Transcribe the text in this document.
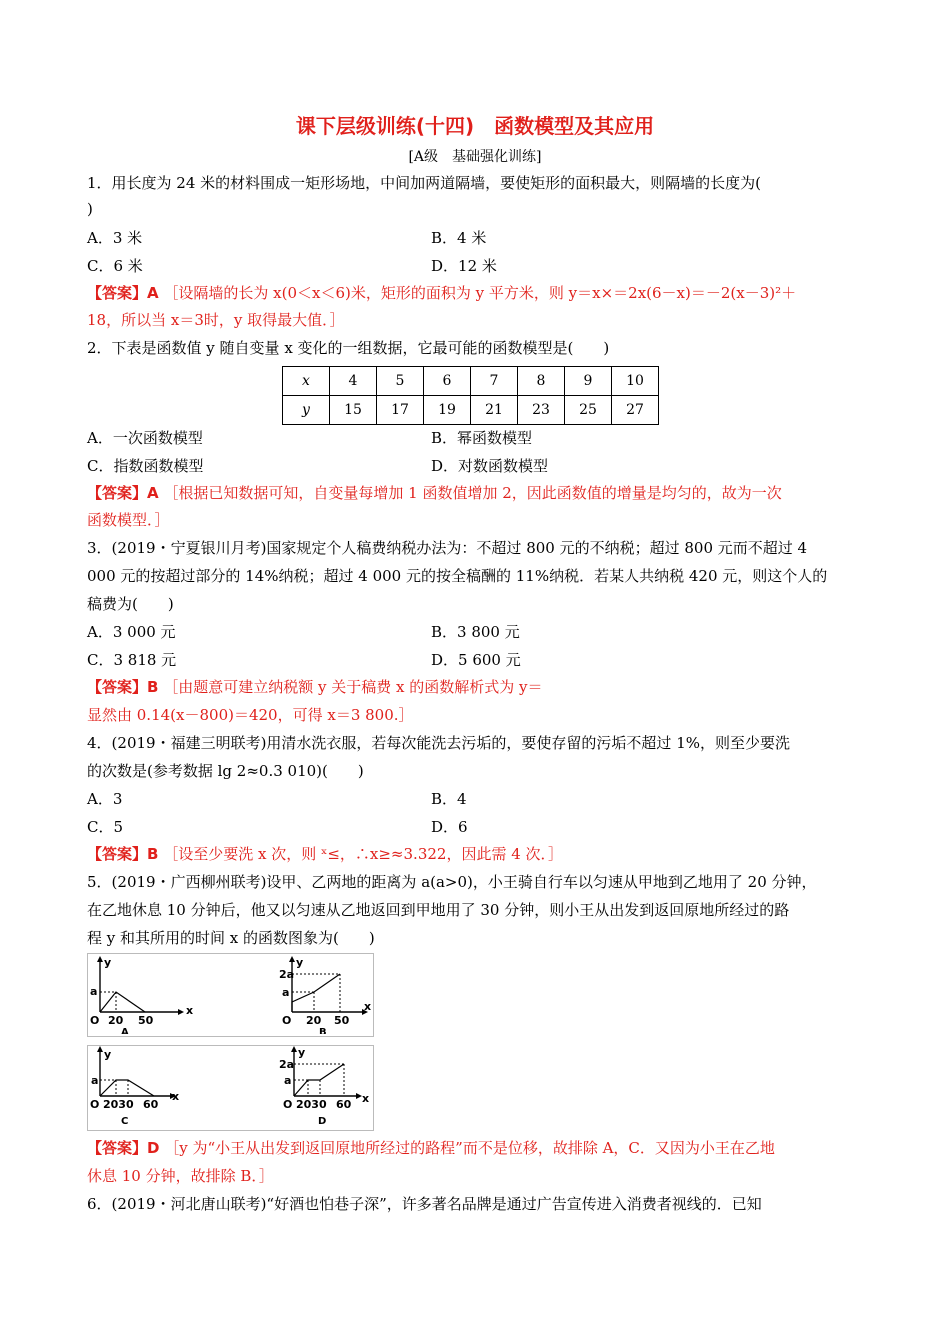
课下层级训练(十四)　函数模型及其应用
[A级　基础强化训练]
1．用长度为 24 米的材料围成一矩形场地，中间加两道隔墙，要使矩形的面积最大，则隔墙的长度为(
)
A．3 米	B．4 米
C．6 米	D．12 米
【答案】A ［设隔墙的长为 x(0＜x＜6)米，矩形的面积为 y 平方米，则 y＝x×＝2x(6－x)＝－2(x－3)²＋
18，所以当 x＝3时，y 取得最大值．］
2．下表是函数值 y 随自变量 x 变化的一组数据，它最可能的函数模型是(　　)
x	4	5	6	7	8	9	10
y	15	17	19	21	23	25	27
A．一次函数模型	B．幂函数模型
C．指数函数模型	D．对数函数模型
【答案】A ［根据已知数据可知，自变量每增加 1 函数值增加 2，因此函数值的增量是均匀的，故为一次
函数模型．］
3．(2019・宁夏银川月考)国家规定个人稿费纳税办法为：不超过 800 元的不纳税；超过 800 元而不超过 4
000 元的按超过部分的 14%纳税；超过 4 000 元的按全稿酬的 11%纳税．若某人共纳税 420 元，则这个人的
稿费为(　　)
A．3 000 元	B．3 800 元
C．3 818 元	D．5 600 元
【答案】B ［由题意可建立纳税额 y 关于稿费 x 的函数解析式为 y＝
显然由 0.14(x－800)＝420，可得 x＝3 800.］
4．(2019・福建三明联考)用清水洗衣服，若每次能洗去污垢的，要使存留的污垢不超过 1%，则至少要洗
的次数是(参考数据 lg 2≈0.3 010)(　　)
A．3	B．4
C．5	D．6
【答案】B ［设至少要洗 x 次，则 ˣ≤，∴x≥≈3.322，因此需 4 次．］
5．(2019・广西柳州联考)设甲、乙两地的距离为 a(a>0)，小王骑自行车以匀速从甲地到乙地用了 20 分钟，
在乙地休息 10 分钟后，他又以匀速从乙地返回到甲地用了 30 分钟，则小王从出发到返回原地所经过的路
程 y 和其所用的时间 x 的函数图象为(　　)
y
x
a
O 20 50
A
y
x
2a
a
O 20 50
B
y
x
a
O 2030 60
C
y
x
2a
a
O 2030 60
D
【答案】D ［y 为“小王从出发到返回原地所经过的路程”而不是位移，故排除 A，C．又因为小王在乙地
休息 10 分钟，故排除 B．］
6．(2019・河北唐山联考)“好酒也怕巷子深”，许多著名品牌是通过广告宣传进入消费者视线的．已知
